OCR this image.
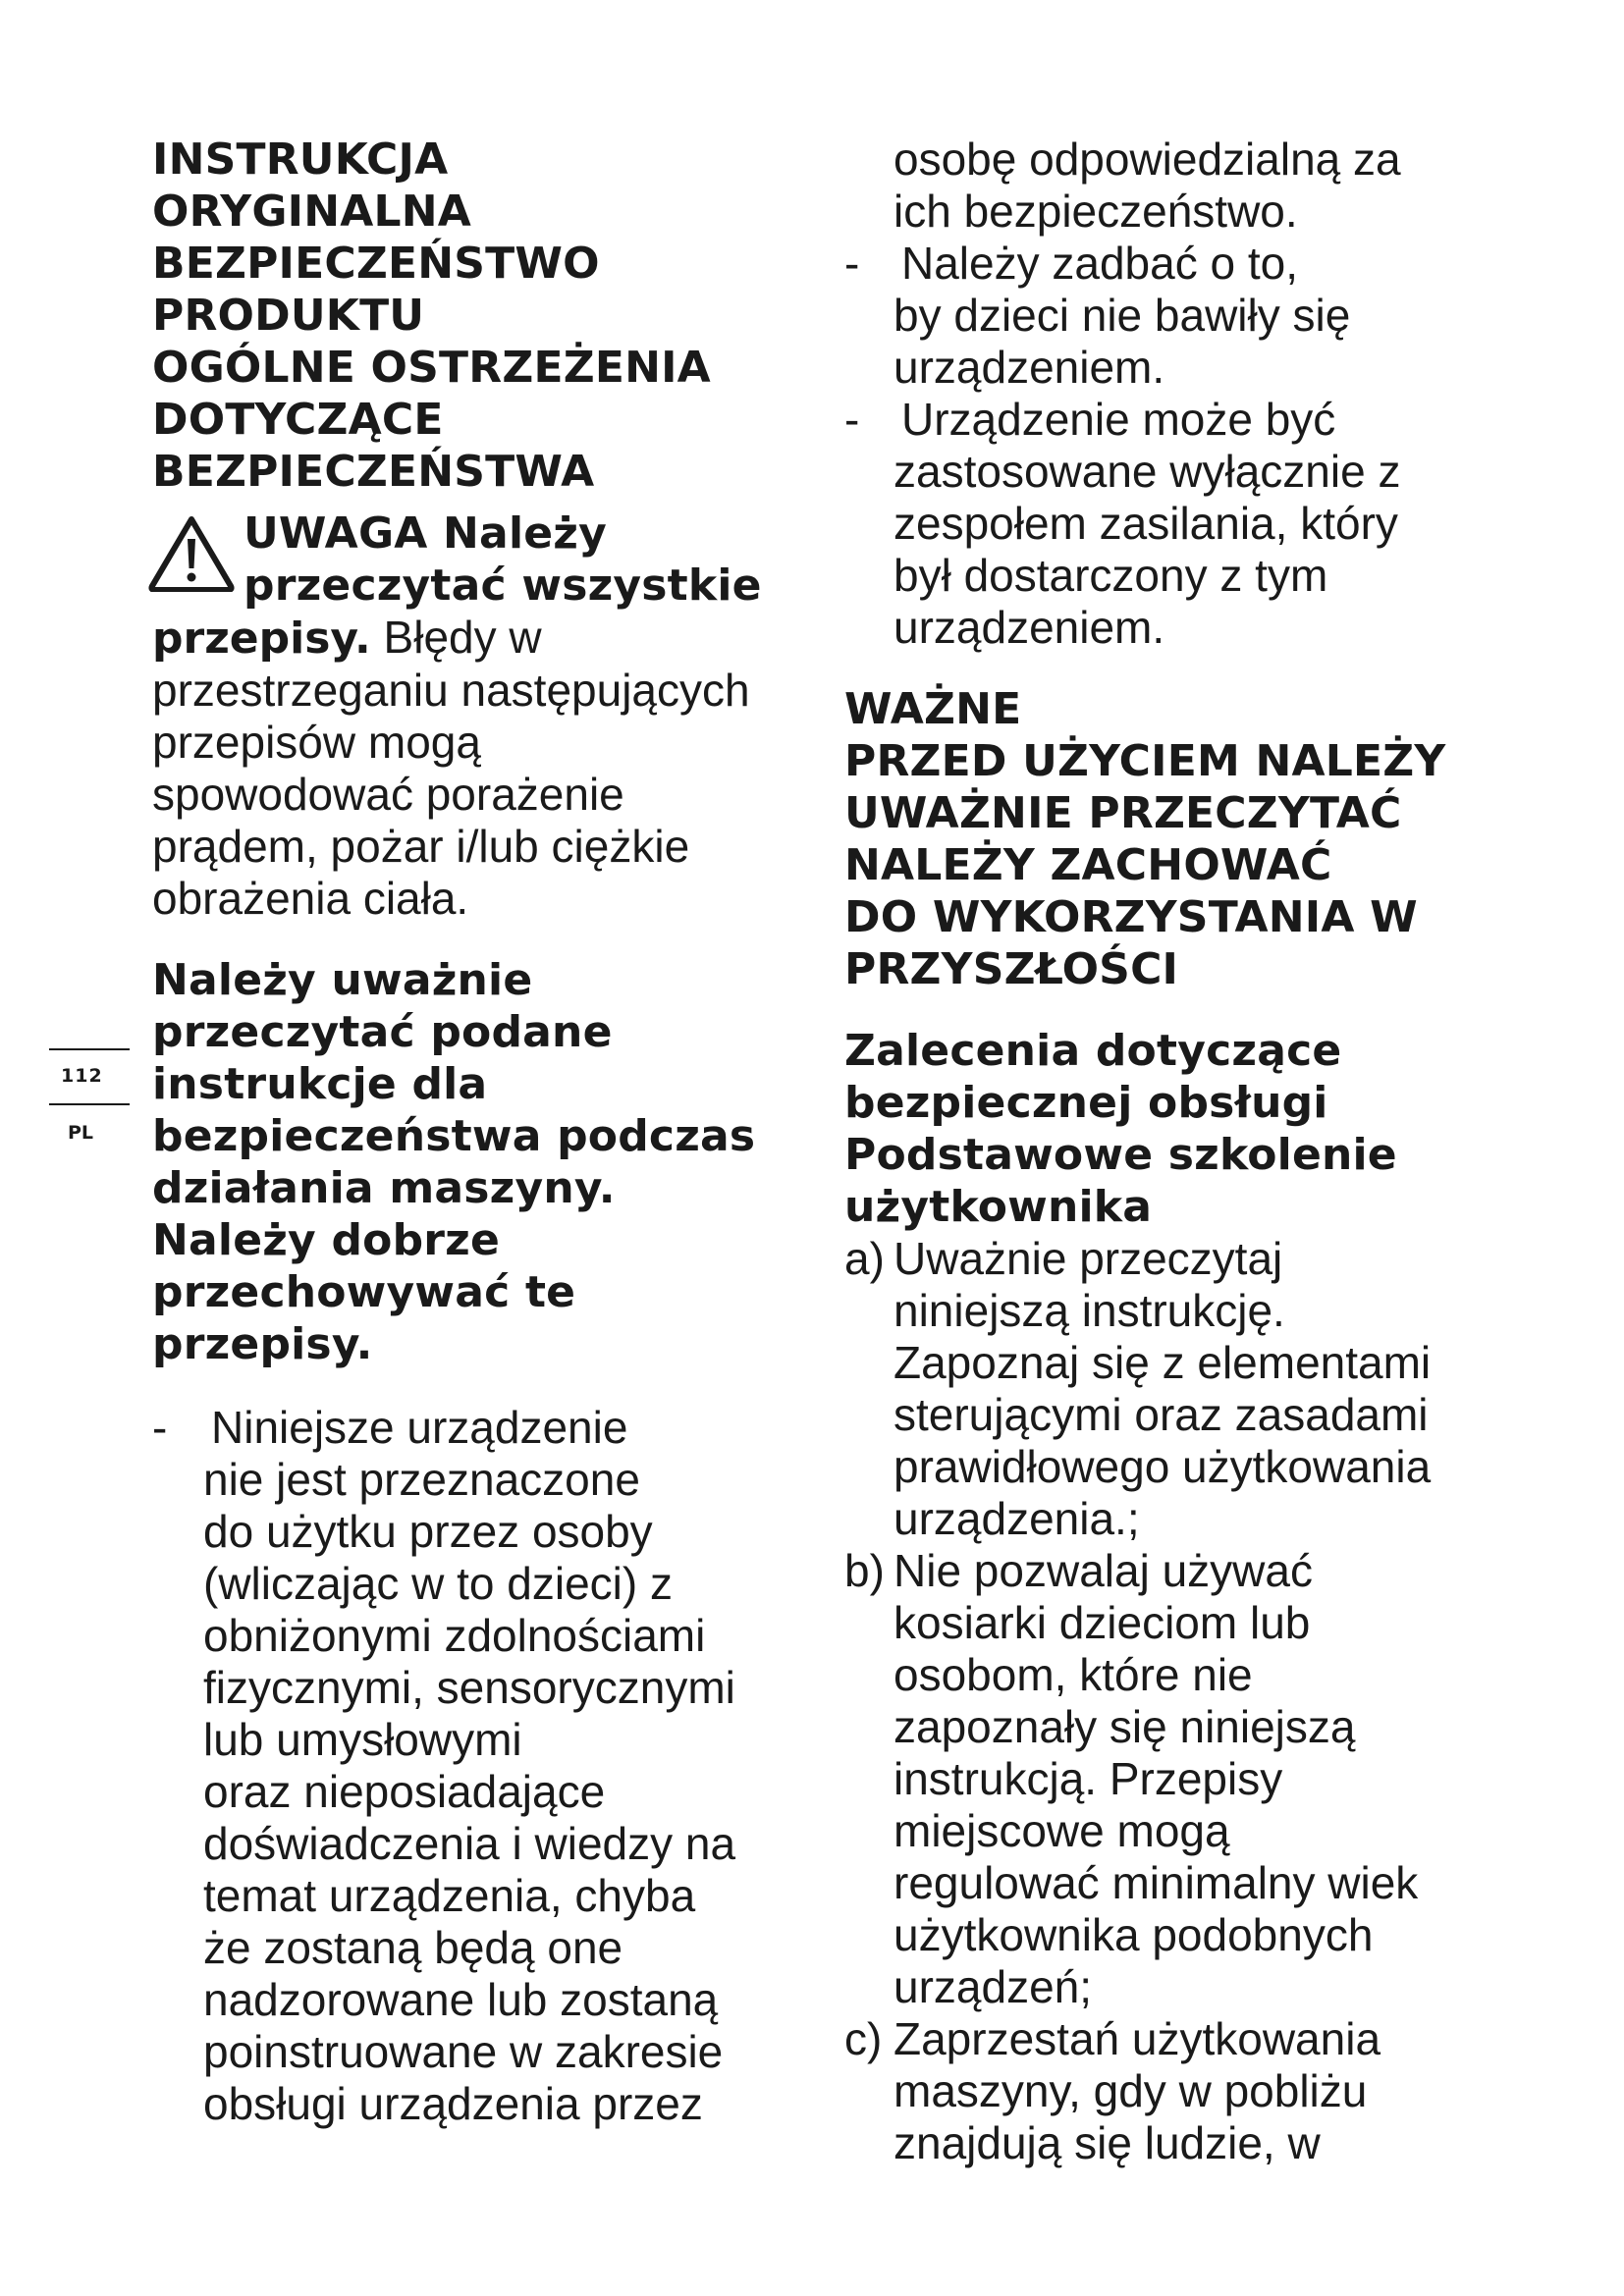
112
PL

INSTRUKCJA

ORYGINALNA

BEZPIECZEŃSTWO

PRODUKTU

OGÓLNE OSTRZEŻENIA

DOTYCZĄCE

BEZPIECZEŃSTWA

UWAGA Należy

przeczytać wszystkie

przepisy. Błędy w

przestrzeganiu następujących

przepisów mogą

spowodować porażenie

prądem, pożar i/lub ciężkie

obrażenia ciała.

Należy uważnie

przeczytać podane

instrukcje dla

bezpieczeństwa podczas

działania maszyny.

Należy dobrze

przechowywać te

przepisy.

- Niniejsze urządzenie

nie jest przeznaczone

do użytku przez osoby

(wliczając w to dzieci) z

obniżonymi zdolnościami

fizycznymi, sensorycznymi

lub umysłowymi

oraz nieposiadające

doświadczenia i wiedzy na

temat urządzenia, chyba

że zostaną będą one

nadzorowane lub zostaną

poinstruowane w zakresie

obsługi urządzenia przez

osobę odpowiedzialną za

ich bezpieczeństwo.

- Należy zadbać o to,

by dzieci nie bawiły się

urządzeniem.

- Urządzenie może być

zastosowane wyłącznie z

zespołem zasilania, który

był dostarczony z tym

urządzeniem.

WAŻNE

PRZED UŻYCIEM NALEŻY

UWAŻNIE PRZECZYTAĆ

NALEŻY ZACHOWAĆ

DO WYKORZYSTANIA W

PRZYSZŁOŚCI

Zalecenia dotyczące

bezpiecznej obsługi

Podstawowe szkolenie

użytkownika

a) Uważnie przeczytaj

niniejszą instrukcję.

Zapoznaj się z elementami

sterującymi oraz zasadami

prawidłowego użytkowania

urządzenia.;

b) Nie pozwalaj używać

kosiarki dzieciom lub

osobom, które nie

zapoznały się niniejszą

instrukcją. Przepisy

miejscowe mogą

regulować minimalny wiek

użytkownika podobnych

urządzeń;

c) Zaprzestań użytkowania

maszyny, gdy w pobliżu

znajdują się ludzie, w
